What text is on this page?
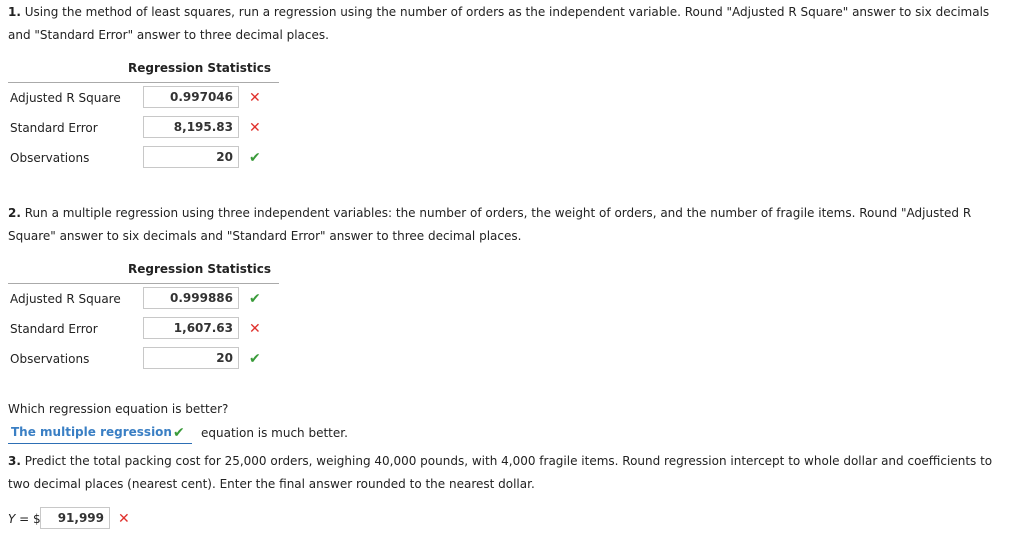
1. Using the method of least squares, run a regression using the number of orders as the independent variable. Round "Adjusted R Square" answer to six decimals and "Standard Error" answer to three decimal places.
Regression Statistics
Adjusted R Square	0.997046	✕
Standard Error	8,195.83	✕
Observations	20	✔
2. Run a multiple regression using three independent variables: the number of orders, the weight of orders, and the number of fragile items. Round "Adjusted R Square" answer to six decimals and "Standard Error" answer to three decimal places.
Regression Statistics
Adjusted R Square	0.999886	✔
Standard Error	1,607.63	✕
Observations	20	✔
Which regression equation is better?
The multiple regression ✔ equation is much better.
3. Predict the total packing cost for 25,000 orders, weighing 40,000 pounds, with 4,000 fragile items. Round regression intercept to whole dollar and coefficients to two decimal places (nearest cent). Enter the final answer rounded to the nearest dollar.
Y = $	91,999	✕
